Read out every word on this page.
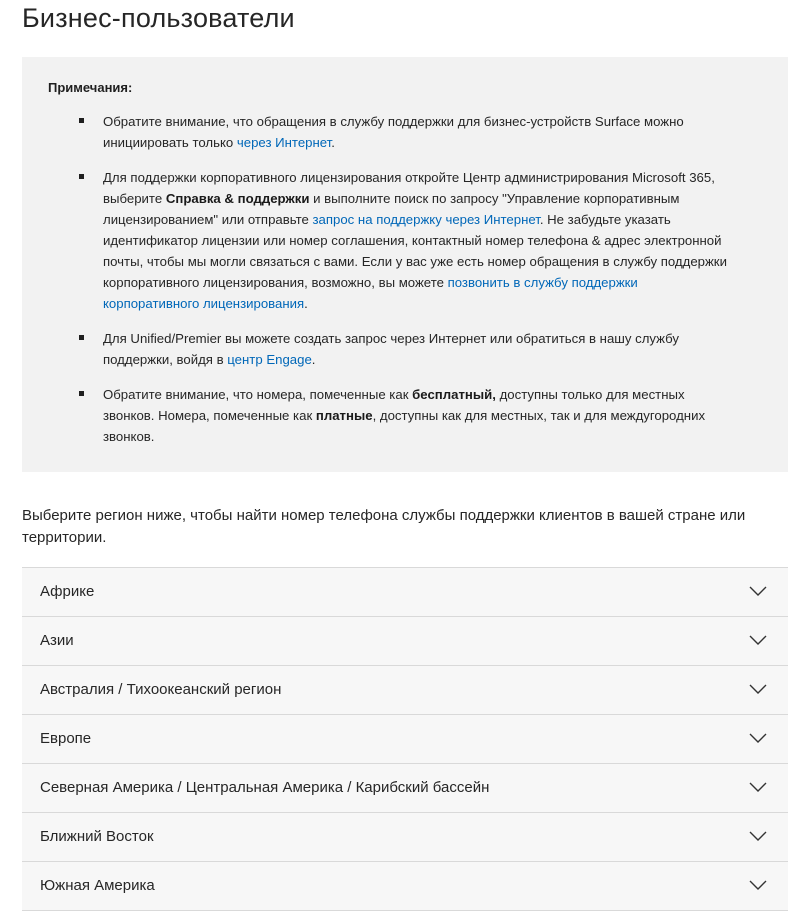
Бизнес-пользователи
Примечания:
Обратите внимание, что обращения в службу поддержки для бизнес-устройств Surface можно инициировать только через Интернет.
Для поддержки корпоративного лицензирования откройте Центр администрирования Microsoft 365, выберите Справка & поддержки и выполните поиск по запросу "Управление корпоративным лицензированием" или отправьте запрос на поддержку через Интернет. Не забудьте указать идентификатор лицензии или номер соглашения, контактный номер телефона & адрес электронной почты, чтобы мы могли связаться с вами. Если у вас уже есть номер обращения в службу поддержки корпоративного лицензирования, возможно, вы можете позвонить в службу поддержки корпоративного лицензирования.
Для Unified/Premier вы можете создать запрос через Интернет или обратиться в нашу службу поддержки, войдя в центр Engage.
Обратите внимание, что номера, помеченные как бесплатный, доступны только для местных звонков. Номера, помеченные как платные, доступны как для местных, так и для междугородних звонков.

Выберите регион ниже, чтобы найти номер телефона службы поддержки клиентов в вашей стране или территории.

Африке
Азии
Австралия / Тихоокеанский регион
Европе
Северная Америка / Центральная Америка / Карибский бассейн
Ближний Восток
Южная Америка
